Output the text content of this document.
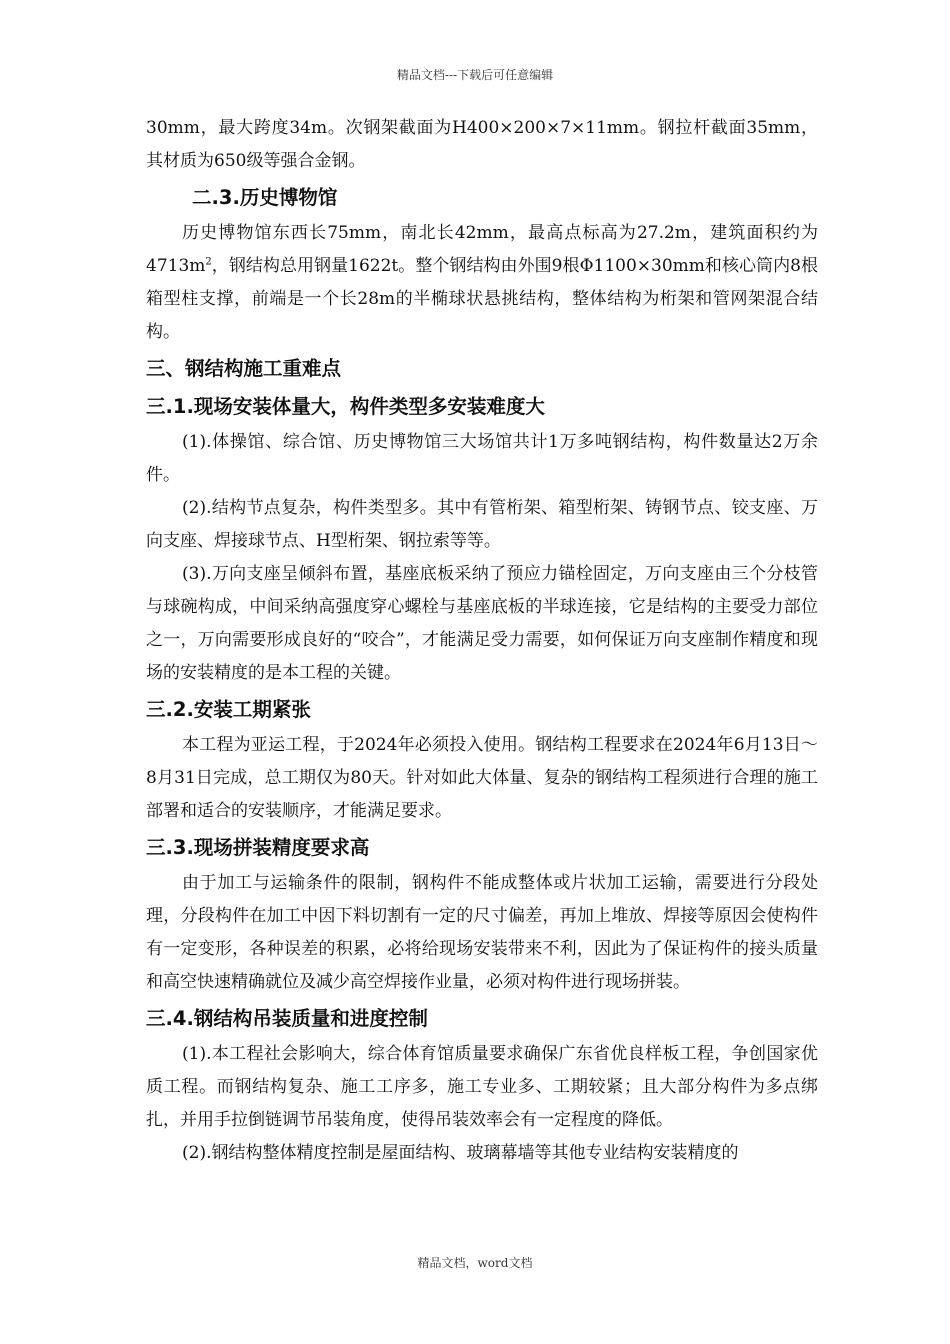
精品文档---下载后可任意编辑

30mm，最大跨度34m。次钢架截面为H400×200×7×11mm。钢拉杆截面35mm，其材质为650级等强合金钢。

二.3.历史博物馆

历史博物馆东西长75mm，南北长42mm，最高点标高为27.2m，建筑面积约为$4713m^2$，钢结构总用钢量1622t。整个钢结构由外围9根Φ1100×30mm和核心筒内8根箱型柱支撑，前端是一个长28m的半椭球状悬挑结构，整体结构为桁架和管网架混合结构。

三、钢结构施工重难点
三.1.现场安装体量大，构件类型多安装难度大

(1).体操馆、综合馆、历史博物馆三大场馆共计1万多吨钢结构，构件数量达2万余件。

(2).结构节点复杂，构件类型多。其中有管桁架、箱型桁架、铸钢节点、铰支座、万向支座、焊接球节点、H型桁架、钢拉索等等。

(3).万向支座呈倾斜布置，基座底板采纳了预应力锚栓固定，万向支座由三个分枝管与球碗构成，中间采纳高强度穿心螺栓与基座底板的半球连接，它是结构的主要受力部位之一，万向需要形成良好的“咬合”，才能满足受力需要，如何保证万向支座制作精度和现场的安装精度的是本工程的关键。

三.2.安装工期紧张

本工程为亚运工程，于2024年必须投入使用。钢结构工程要求在2024年6月13日～8月31日完成，总工期仅为80天。针对如此大体量、复杂的钢结构工程须进行合理的施工部署和适合的安装顺序，才能满足要求。

三.3.现场拼装精度要求高

由于加工与运输条件的限制，钢构件不能成整体或片状加工运输，需要进行分段处理，分段构件在加工中因下料切割有一定的尺寸偏差，再加上堆放、焊接等原因会使构件有一定变形，各种误差的积累，必将给现场安装带来不利，因此为了保证构件的接头质量和高空快速精确就位及减少高空焊接作业量，必须对构件进行现场拼装。

三.4.钢结构吊装质量和进度控制

(1).本工程社会影响大，综合体育馆质量要求确保广东省优良样板工程，争创国家优质工程。而钢结构复杂、施工工序多，施工专业多、工期较紧；且大部分构件为多点绑扎，并用手拉倒链调节吊装角度，使得吊装效率会有一定程度的降低。

(2).钢结构整体精度控制是屋面结构、玻璃幕墙等其他专业结构安装精度的

精品文档，word文档
